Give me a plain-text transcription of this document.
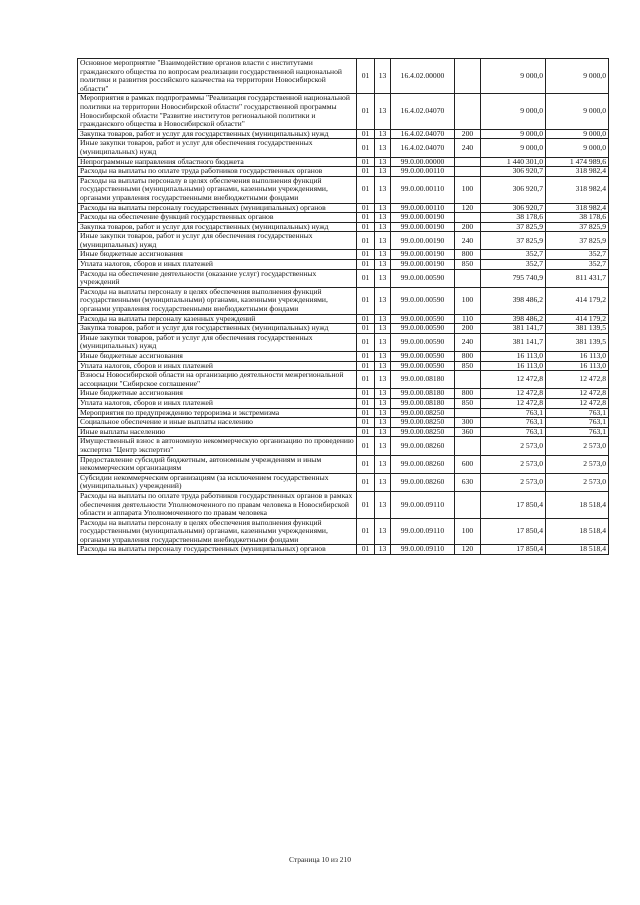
Основное мероприятие "Взаимодействие органов власти с институтами гражданского общества по вопросам реализации государственной национальной политики и развития российского казачества на территории Новосибирской области"	01	13	16.4.02.00000		9 000,0	9 000,0
Мероприятия в рамках подпрограммы "Реализация государственной национальной политики на территории Новосибирской области" государственной программы Новосибирской области "Развитие институтов региональной политики и гражданского общества в Новосибирской области"	01	13	16.4.02.04070		9 000,0	9 000,0
Закупка товаров, работ и услуг для государственных (муниципальных) нужд	01	13	16.4.02.04070	200	9 000,0	9 000,0
Иные закупки товаров, работ и услуг для обеспечения государственных (муниципальных) нужд	01	13	16.4.02.04070	240	9 000,0	9 000,0
Непрограммные направления областного бюджета	01	13	99.0.00.00000		1 440 301,0	1 474 989,6
Расходы на выплаты по оплате труда работников государственных органов	01	13	99.0.00.00110		306 920,7	318 982,4
Расходы на выплаты персоналу в целях обеспечения выполнения функций государственными (муниципальными) органами, казенными учреждениями, органами управления государственными внебюджетными фондами	01	13	99.0.00.00110	100	306 920,7	318 982,4
Расходы на выплаты персоналу государственных (муниципальных) органов	01	13	99.0.00.00110	120	306 920,7	318 982,4
Расходы на обеспечение функций государственных органов	01	13	99.0.00.00190		38 178,6	38 178,6
Закупка товаров, работ и услуг для государственных (муниципальных) нужд	01	13	99.0.00.00190	200	37 825,9	37 825,9
Иные закупки товаров, работ и услуг для обеспечения государственных (муниципальных) нужд	01	13	99.0.00.00190	240	37 825,9	37 825,9
Иные бюджетные ассигнования	01	13	99.0.00.00190	800	352,7	352,7
Уплата налогов, сборов и иных платежей	01	13	99.0.00.00190	850	352,7	352,7
Расходы на обеспечение деятельности (оказание услуг) государственных учреждений	01	13	99.0.00.00590		795 740,9	811 431,7
Расходы на выплаты персоналу в целях обеспечения выполнения функций государственными (муниципальными) органами, казенными учреждениями, органами управления государственными внебюджетными фондами	01	13	99.0.00.00590	100	398 486,2	414 179,2
Расходы на выплаты персоналу казенных учреждений	01	13	99.0.00.00590	110	398 486,2	414 179,2
Закупка товаров, работ и услуг для государственных (муниципальных) нужд	01	13	99.0.00.00590	200	381 141,7	381 139,5
Иные закупки товаров, работ и услуг для обеспечения государственных (муниципальных) нужд	01	13	99.0.00.00590	240	381 141,7	381 139,5
Иные бюджетные ассигнования	01	13	99.0.00.00590	800	16 113,0	16 113,0
Уплата налогов, сборов и иных платежей	01	13	99.0.00.00590	850	16 113,0	16 113,0
Взносы Новосибирской области на организацию деятельности межрегиональной ассоциации "Сибирское соглашение"	01	13	99.0.00.08180		12 472,8	12 472,8
Иные бюджетные ассигнования	01	13	99.0.00.08180	800	12 472,8	12 472,8
Уплата налогов, сборов и иных платежей	01	13	99.0.00.08180	850	12 472,8	12 472,8
Мероприятия по предупреждению терроризма и экстремизма	01	13	99.0.00.08250		763,1	763,1
Социальное обеспечение и иные выплаты населению	01	13	99.0.00.08250	300	763,1	763,1
Иные выплаты населению	01	13	99.0.00.08250	360	763,1	763,1
Имущественный взнос в автономную некоммерческую организацию по проведению экспертиз "Центр экспертиз"	01	13	99.0.00.08260		2 573,0	2 573,0
Предоставление субсидий бюджетным, автономным учреждениям и иным некоммерческим организациям	01	13	99.0.00.08260	600	2 573,0	2 573,0
Субсидии некоммерческим организациям (за исключением государственных (муниципальных) учреждений)	01	13	99.0.00.08260	630	2 573,0	2 573,0
Расходы на выплаты по оплате труда работников государственных органов в рамках обеспечения деятельности Уполномоченного по правам человека в Новосибирской области и аппарата Уполномоченного по правам человека	01	13	99.0.00.09110		17 850,4	18 518,4
Расходы на выплаты персоналу в целях обеспечения выполнения функций государственными (муниципальными) органами, казенными учреждениями, органами управления государственными внебюджетными фондами	01	13	99.0.00.09110	100	17 850,4	18 518,4
Расходы на выплаты персоналу государственных (муниципальных) органов	01	13	99.0.00.09110	120	17 850,4	18 518,4
Страница 10 из 210
